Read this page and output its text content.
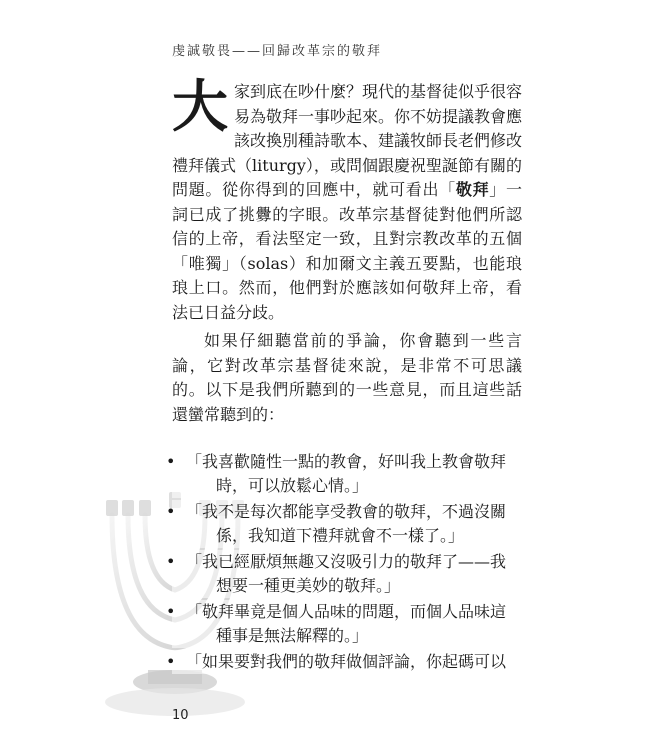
虔誠敬畏——回歸改革宗的敬拜

大家到底在吵什麼？現代的基督徒似乎很容易為敬拜一事吵起來。你不妨提議教會應該改換別種詩歌本、建議牧師長老們修改禮拜儀式（liturgy），或問個跟慶祝聖誕節有關的問題。從你得到的回應中，就可看出「敬拜」一詞已成了挑釁的字眼。改革宗基督徒對他們所認信的上帝，看法堅定一致，且對宗教改革的五個「唯獨」（solas）和加爾文主義五要點，也能琅琅上口。然而，他們對於應該如何敬拜上帝，看法已日益分歧。

如果仔細聽當前的爭論，你會聽到一些言論，它對改革宗基督徒來說，是非常不可思議的。以下是我們所聽到的一些意見，而且這些話還蠻常聽到的：

• 「我喜歡隨性一點的教會，好叫我上教會敬拜
時，可以放鬆心情。」
• 「我不是每次都能享受教會的敬拜，不過沒關
係，我知道下禮拜就會不一樣了。」
• 「我已經厭煩無趣又沒吸引力的敬拜了——我
想要一種更美妙的敬拜。」
• 「敬拜畢竟是個人品味的問題，而個人品味這
種事是無法解釋的。」
• 「如果要對我們的敬拜做個評論，你起碼可以
10
